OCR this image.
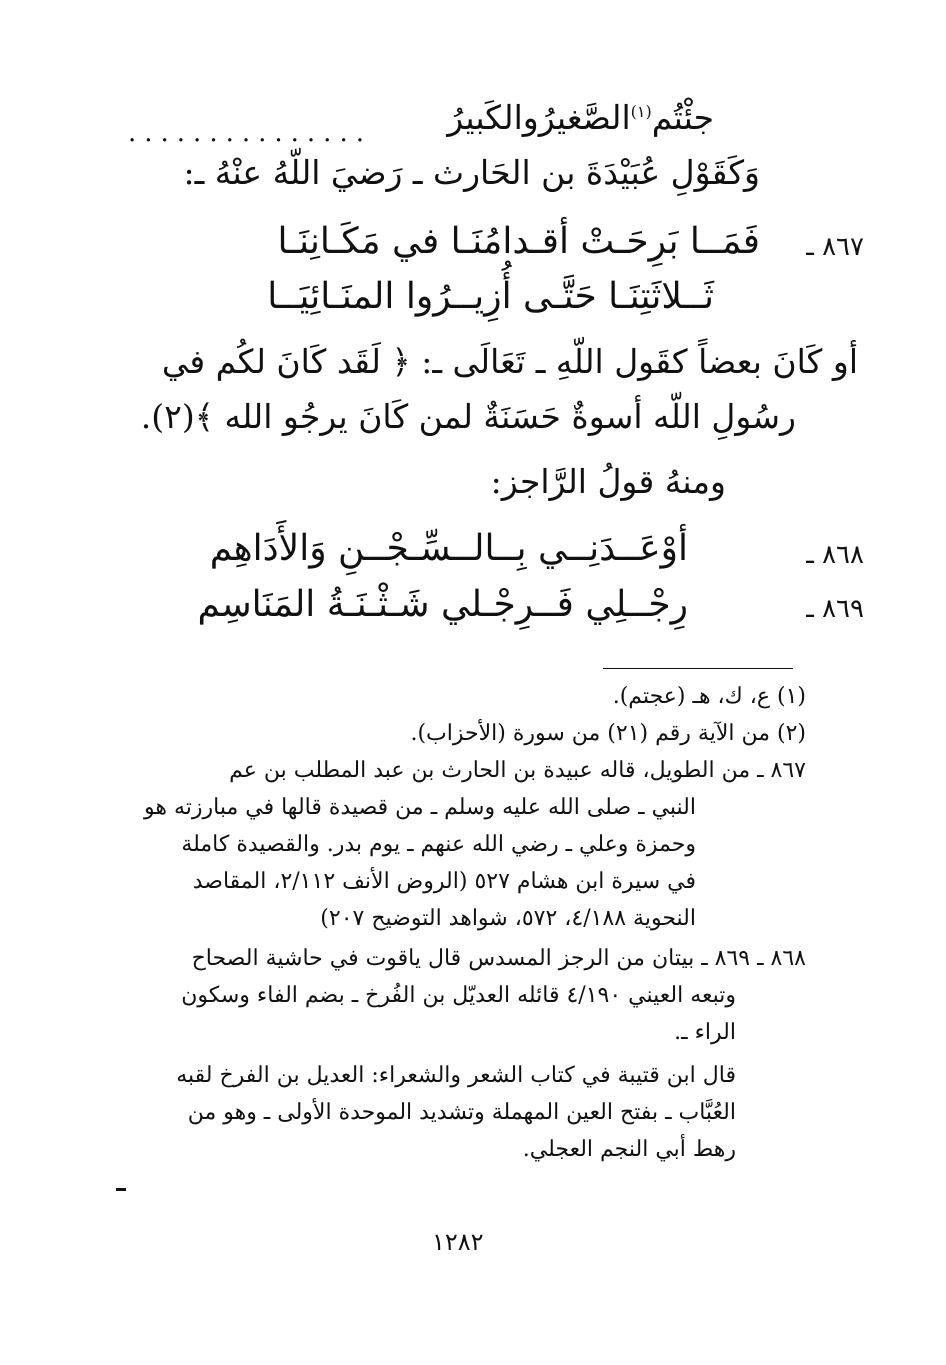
جئْتُم$^{(١)}$الصَّغيرُوالكَبيرُ
...............
وَكَقَوْلِ عُبَيْدَةَ بن الحَارث ـ رَضيَ اللّهُ عنْهُ ـ:
٨٦٧ ـ
فَمَــا بَرِحَـتْ أقـدامُنَـا في مَكَـانِنَـا
ثَــلاثَتِنَـا حَتَّـى أُزِيــرُوا المنَـائِيَــا
أو كَانَ بعضاً كقَول اللّهِ ـ تَعَالَى ـ: ﴿ لَقَد كَانَ لكُم في
رسُولِ اللّه أسوةٌ حَسَنَةٌ لمن كَانَ يرجُو الله ﴾(٢).
ومنهُ قولُ الرَّاجز:
٨٦٨ ـ
أوْعَــدَنِــي بِــالــسِّـجْــنِ وَالأَدَاهِم
٨٦٩ ـ
رِجْــلِي فَــرِجْـلي شَـثْـنَـةُ المَنَاسِم
(١) ع، ك، هـ (عجتم).
(٢) من الآية رقم (٢١) من سورة (الأحزاب).
٨٦٧ ـ من الطويل، قاله عبيدة بن الحارث بن عبد المطلب بن عم
النبي ـ صلى الله عليه وسلم ـ من قصيدة قالها في مبارزته هو
وحمزة وعلي ـ رضي الله عنهم ـ يوم بدر. والقصيدة كاملة
في سيرة ابن هشام ٥٢٧ (الروض الأنف ٢/١١٢، المقاصد
النحوية ٤/١٨٨، ٥٧٢، شواهد التوضيح ٢٠٧)
٨٦٨ ـ ٨٦٩ ـ بيتان من الرجز المسدس قال ياقوت في حاشية الصحاح
وتبعه العيني ٤/١٩٠ قائله العديّل بن الفُرخ ـ بضم الفاء وسكون
الراء ـ.
قال ابن قتيبة في كتاب الشعر والشعراء: العديل بن الفرخ لقبه
العُبَّاب ـ بفتح العين المهملة وتشديد الموحدة الأولى ـ وهو من
رهط أبي النجم العجلي.
١٢٨٢
